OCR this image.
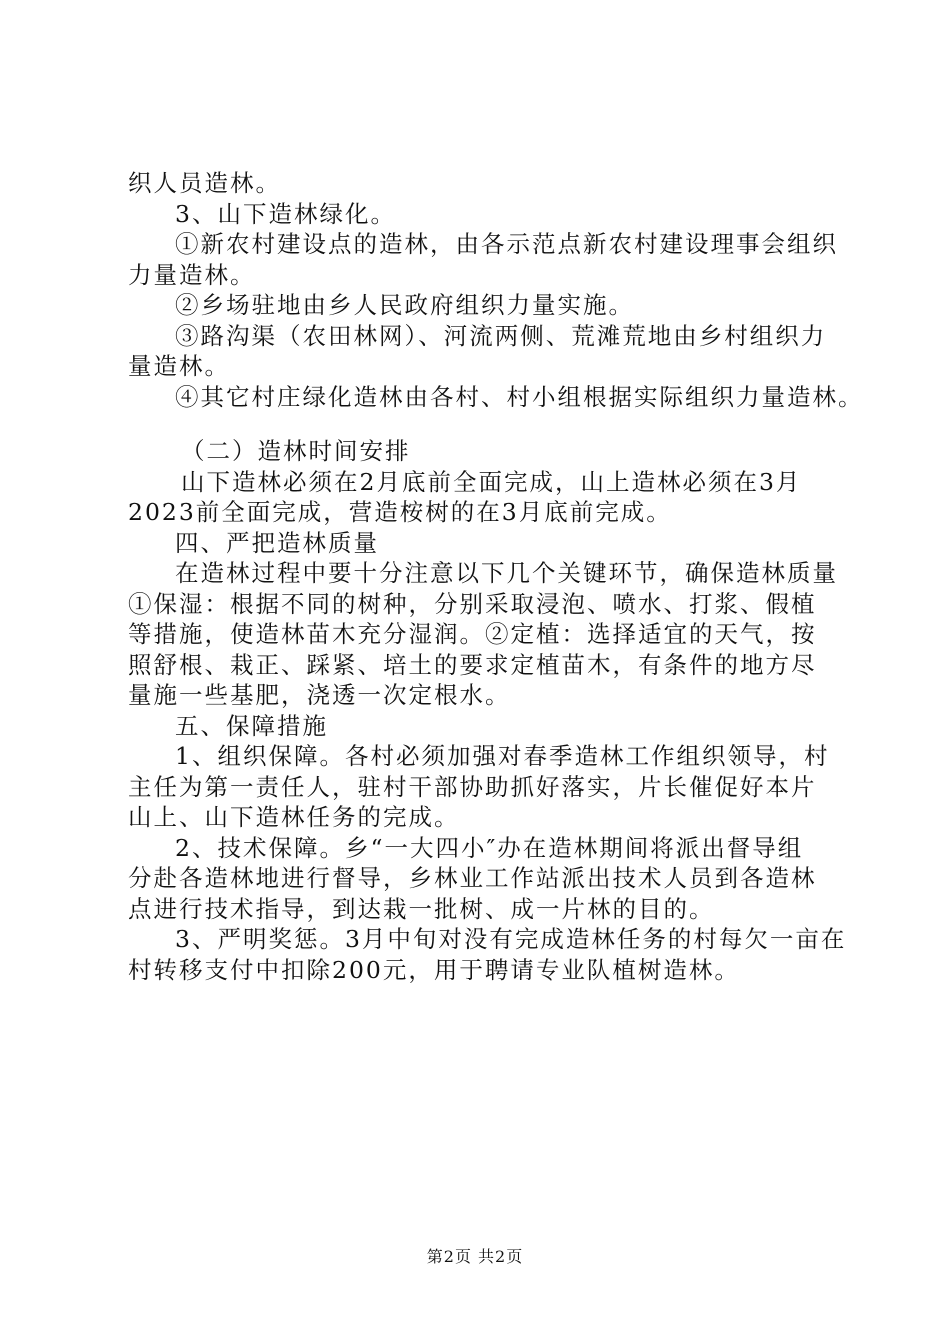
织人员造林。
3、山下造林绿化。
①新农村建设点的造林，由各示范点新农村建设理事会组织
力量造林。
②乡场驻地由乡人民政府组织力量实施。
③路沟渠（农田林网）、河流两侧、荒滩荒地由乡村组织力
量造林。
④其它村庄绿化造林由各村、村小组根据实际组织力量造林。
（二）造林时间安排
山下造林必须在2月底前全面完成，山上造林必须在3月
2023前全面完成，营造桉树的在3月底前完成。
四、严把造林质量
在造林过程中要十分注意以下几个关键环节，确保造林质量
①保湿：根据不同的树种，分别采取浸泡、喷水、打浆、假植
等措施，使造林苗木充分湿润。②定植：选择适宜的天气，按
照舒根、栽正、踩紧、培土的要求定植苗木，有条件的地方尽
量施一些基肥，浇透一次定根水。
五、保障措施
1、组织保障。各村必须加强对春季造林工作组织领导，村
主任为第一责任人，驻村干部协助抓好落实，片长催促好本片
山上、山下造林任务的完成。
2、技术保障。乡“一大四小″办在造林期间将派出督导组
分赴各造林地进行督导，乡林业工作站派出技术人员到各造林
点进行技术指导，到达栽一批树、成一片林的目的。
3、严明奖惩。3月中旬对没有完成造林任务的村每欠一亩在
村转移支付中扣除200元，用于聘请专业队植树造林。
第2页 共2页
